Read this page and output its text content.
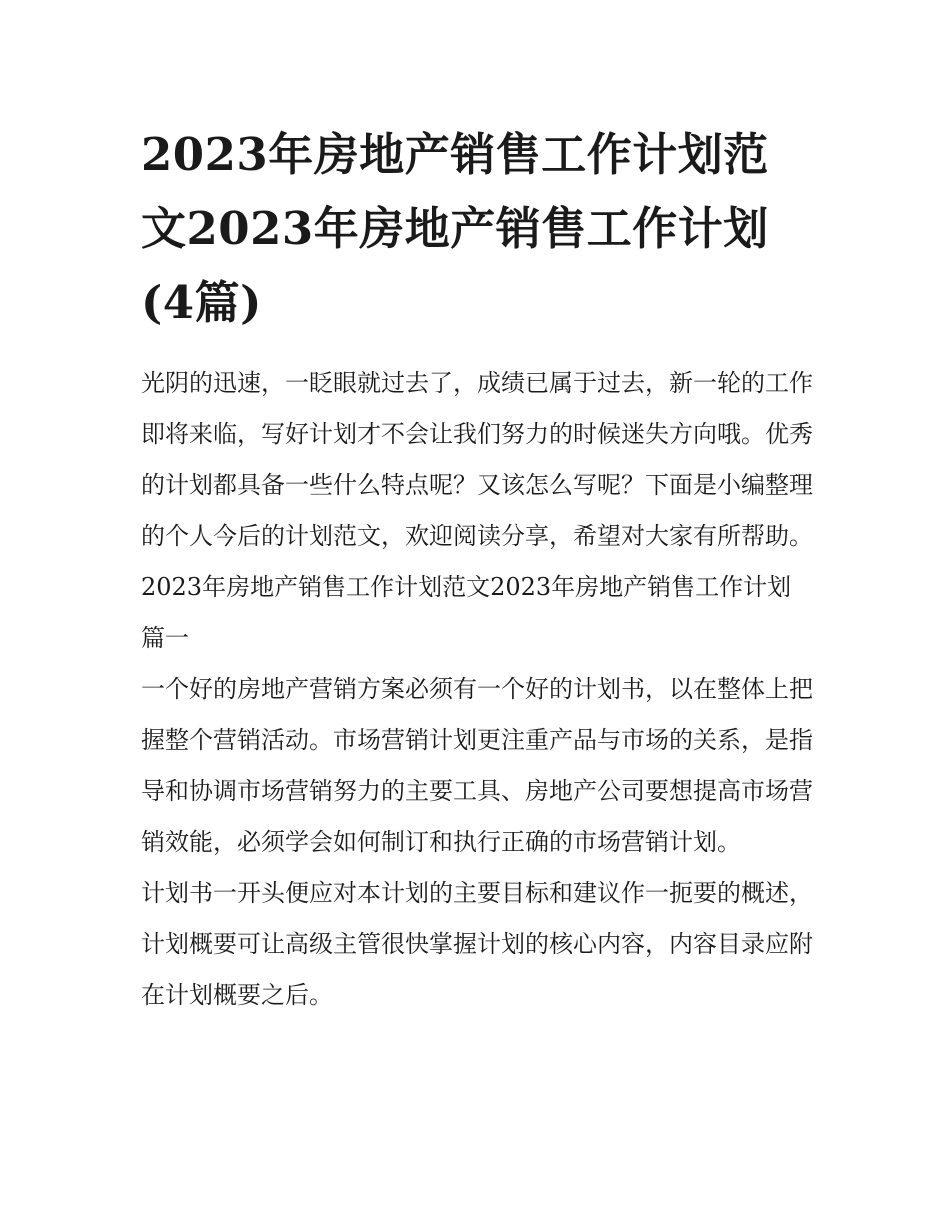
2023年房地产销售工作计划范文2023年房地产销售工作计划(4篇)

光阴的迅速，一眨眼就过去了，成绩已属于过去，新一轮的工作即将来临，写好计划才不会让我们努力的时候迷失方向哦。优秀的计划都具备一些什么特点呢？又该怎么写呢？下面是小编整理的个人今后的计划范文，欢迎阅读分享，希望对大家有所帮助。

2023年房地产销售工作计划范文2023年房地产销售工作计划篇一

一个好的房地产营销方案必须有一个好的计划书，以在整体上把握整个营销活动。市场营销计划更注重产品与市场的关系，是指导和协调市场营销努力的主要工具、房地产公司要想提高市场营销效能，必须学会如何制订和执行正确的市场营销计划。

计划书一开头便应对本计划的主要目标和建议作一扼要的概述，计划概要可让高级主管很快掌握计划的核心内容，内容目录应附在计划概要之后。
